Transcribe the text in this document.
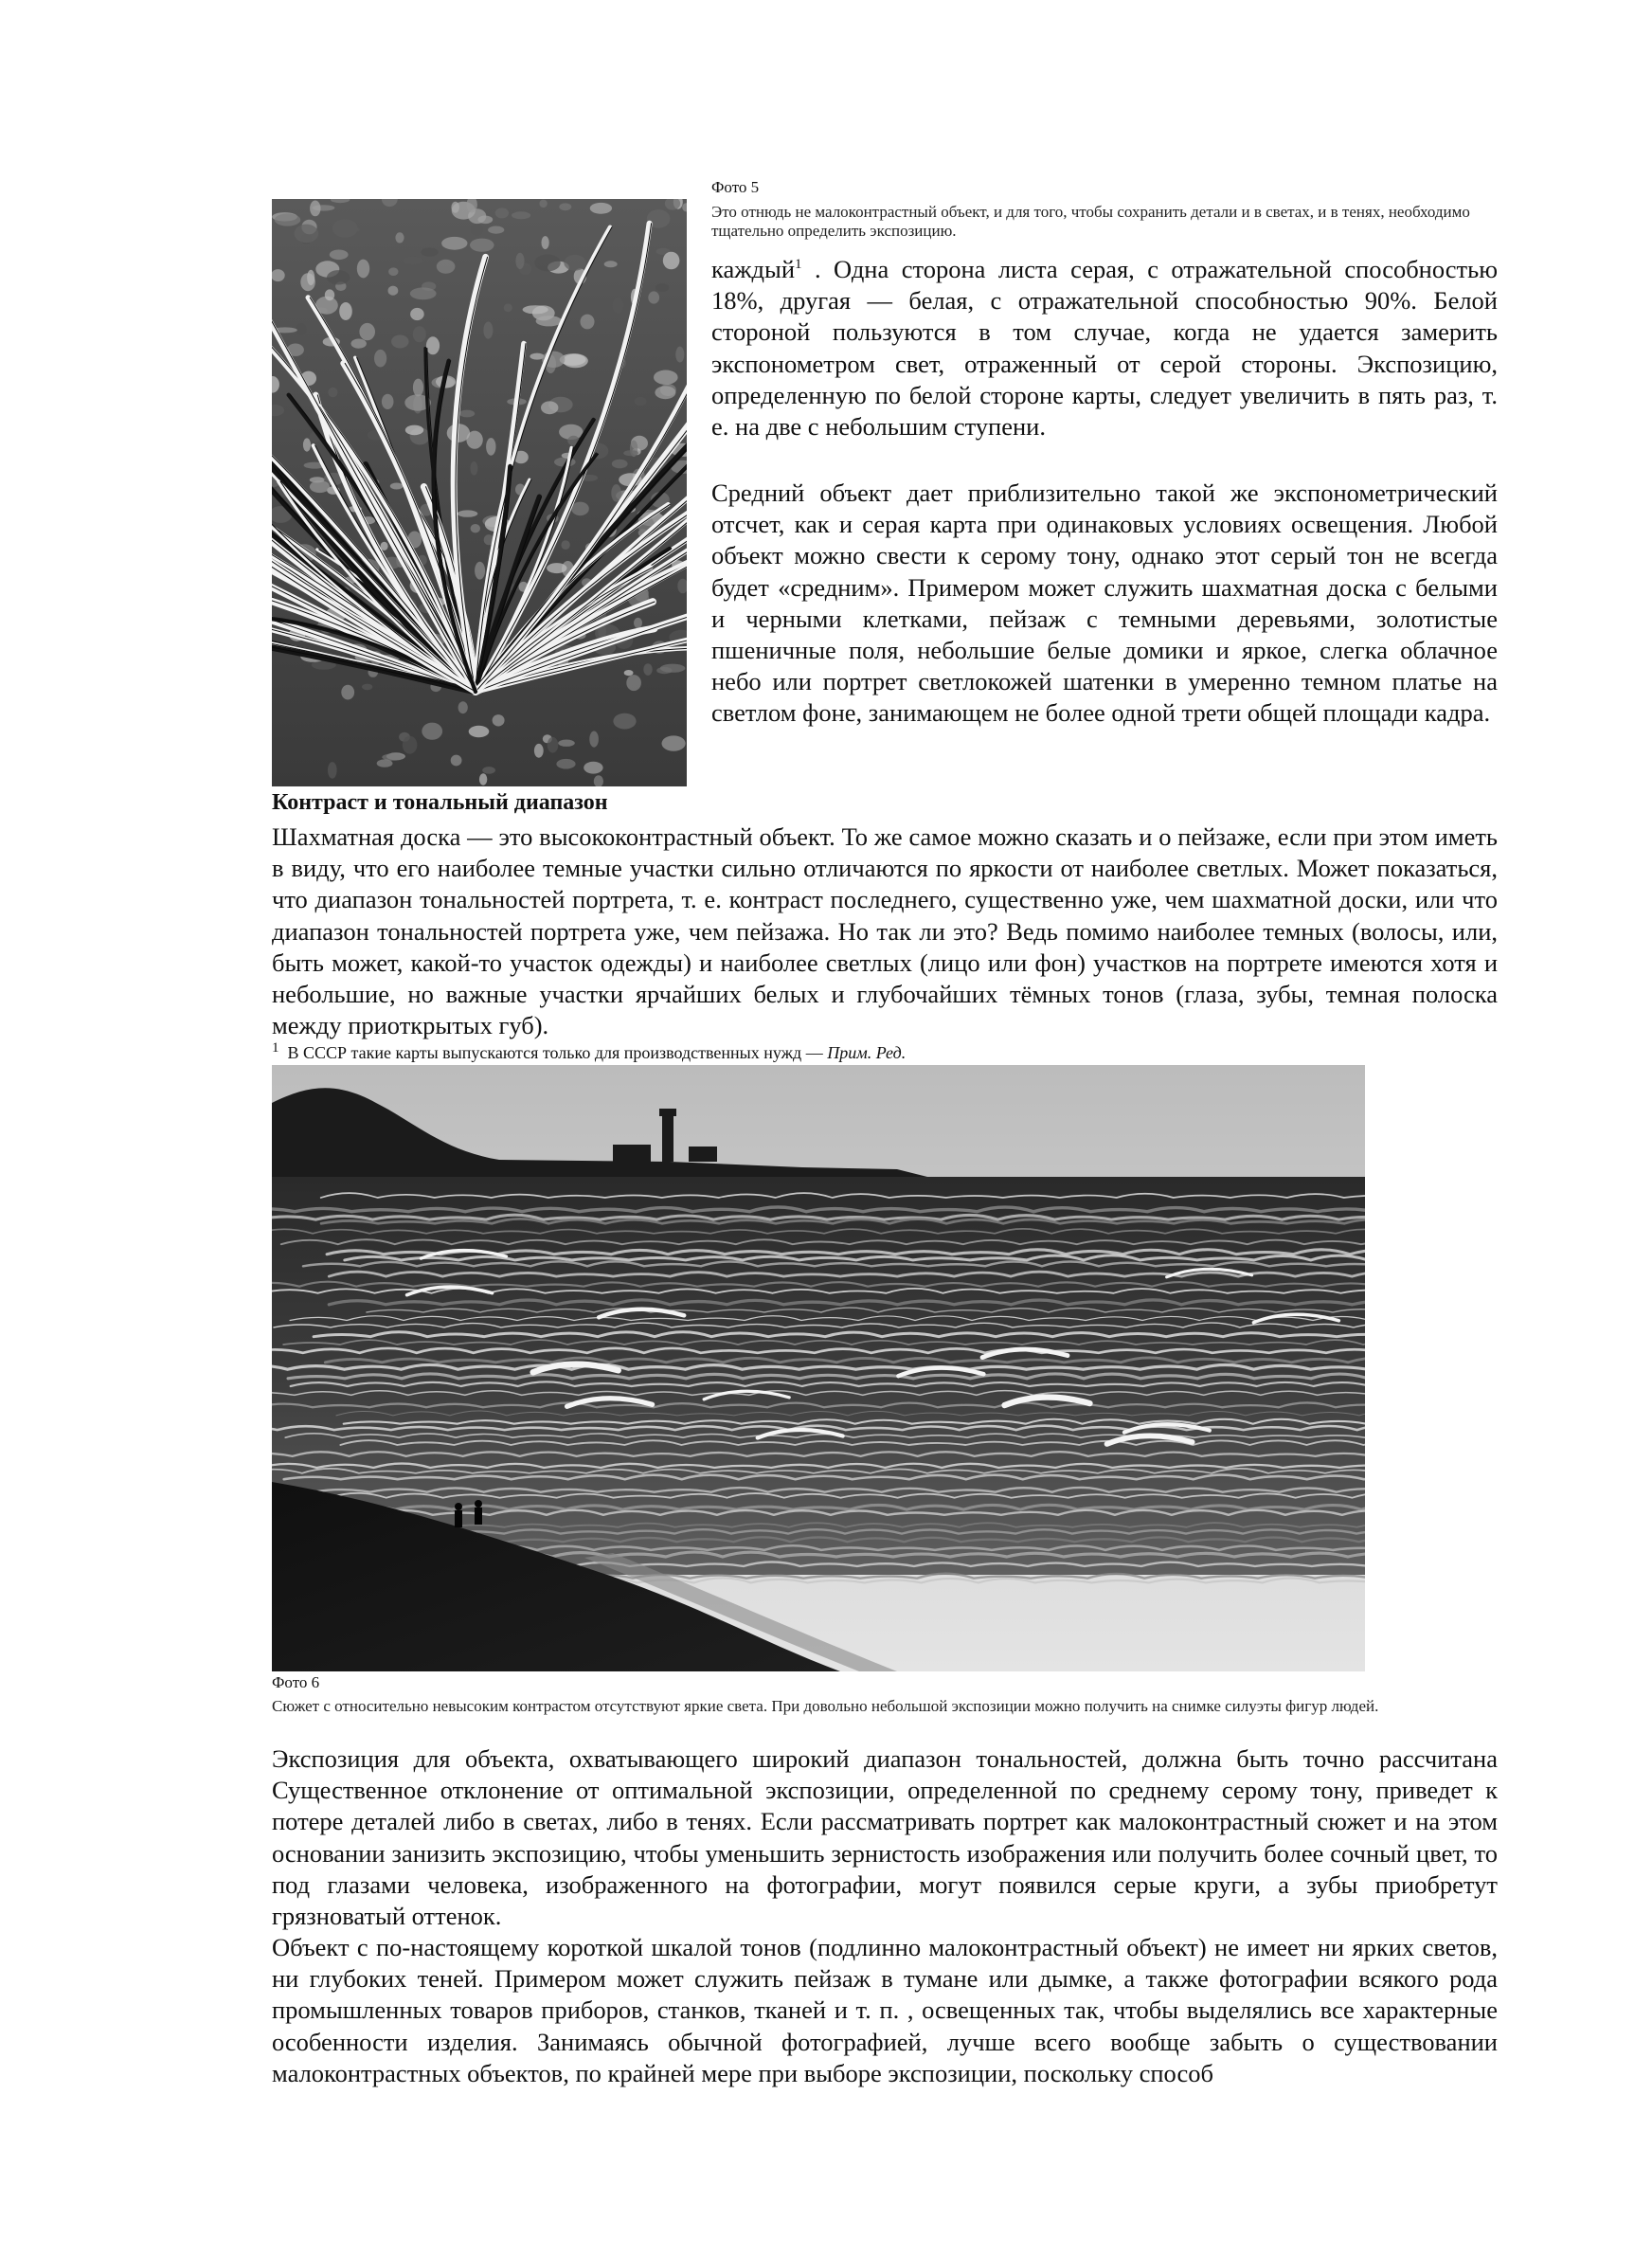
Фото 5
Это отнюдь не малоконтрастный объект, и для того, чтобы сохранить детали и в светах, и в тенях, необходимо тщательно определить экспозицию.
каждый$^1$ . Одна сторона листа серая, с отражательной способностью 18%, другая — белая, с отражательной способностью 90%. Белой стороной пользуются в том случае, когда не удается замерить экспонометром свет, отраженный от серой стороны. Экспозицию, определенную по белой стороне карты, следует увеличить в пять раз, т. е. на две с небольшим ступени.
Средний объект дает приблизительно такой же экспонометрический отсчет, как и серая карта при одинаковых условиях освещения. Любой объект можно свести к серому тону, однако этот серый тон не всегда будет «средним». Примером может служить шахматная доска с белыми и черными клетками, пейзаж с темными деревьями, золотистые пшеничные поля, небольшие белые домики и яркое, слегка облачное небо или портрет светлокожей шатенки в умеренно темном платье на светлом фоне, занимающем не более одной трети общей площади кадра.
Контраст и тональный диапазон
Шахматная доска — это высококонтрастный объект. То же самое можно сказать и о пейзаже, если при этом иметь в виду, что его наиболее темные участки сильно отличаются по яркости от наиболее светлых. Может показаться, что диапазон тональностей портрета, т. е. контраст последнего, существенно уже, чем шахматной доски, или что диапазон тональностей портрета уже, чем пейзажа. Но так ли это? Ведь помимо наиболее темных (волосы, или, быть может, какой-то участок одежды) и наиболее светлых (лицо или фон) участков на портрете имеются хотя и небольшие, но важные участки ярчайших белых и глубочайших тёмных тонов (глаза, зубы, темная полоска между приоткрытых губ).
$^1$ В СССР такие карты выпускаются только для производственных нужд — Прим. Ред.
Фото 6
Сюжет с относительно невысоким контрастом отсутствуют яркие света. При довольно небольшой экспозиции можно получить на снимке силуэты фигур людей.
Экспозиция для объекта, охватывающего широкий диапазон тональностей, должна быть точно рассчитана Существенное отклонение от оптимальной экспозиции, определенной по среднему серому тону, приведет к потере деталей либо в светах, либо в тенях. Если рассматривать портрет как малоконтрастный сюжет и на этом основании занизить экспозицию, чтобы уменьшить зернистость изображения или получить более сочный цвет, то под глазами человека, изображенного на фотографии, могут появился серые круги, а зубы приобретут грязноватый оттенок.
Объект с по-настоящему короткой шкалой тонов (подлинно малоконтрастный объект) не имеет ни ярких светов, ни глубоких теней. Примером может служить пейзаж в тумане или дымке, а также фотографии всякого рода промышленных товаров приборов, станков, тканей и т. п. , освещенных так, чтобы выделялись все характерные особенности изделия. Занимаясь обычной фотографией, лучше всего вообще забыть о существовании малоконтрастных объектов, по крайней мере при выборе экспозиции, поскольку способ
